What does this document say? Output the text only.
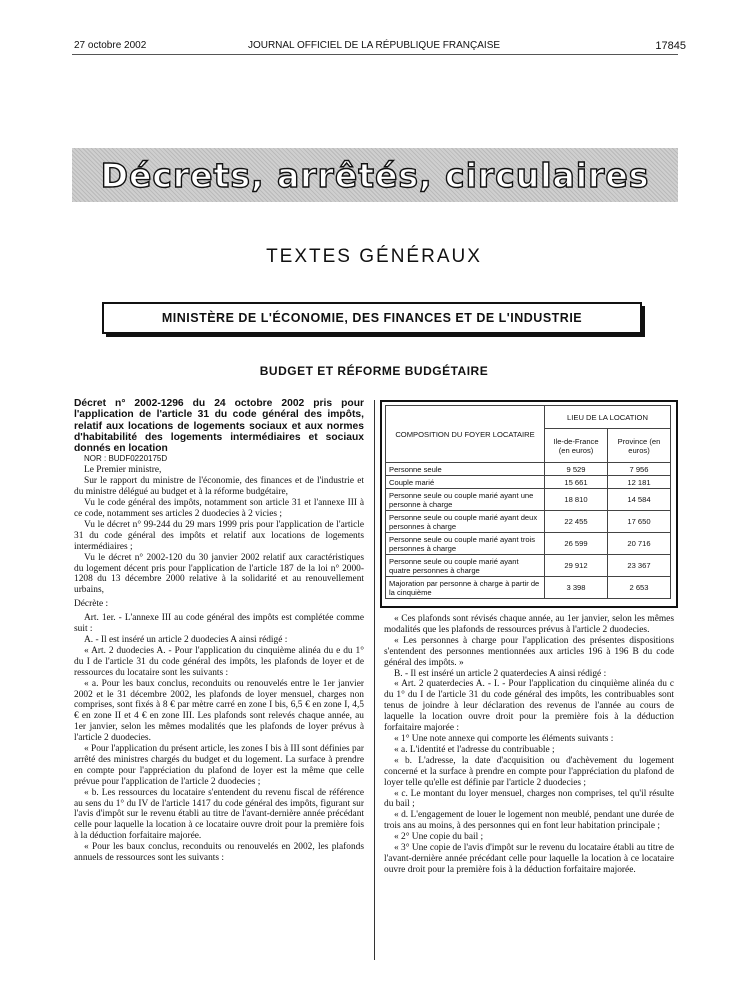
27 octobre 2002	JOURNAL OFFICIEL DE LA RÉPUBLIQUE FRANÇAISE	17845
Décrets, arrêtés, circulaires
TEXTES GÉNÉRAUX
MINISTÈRE DE L'ÉCONOMIE, DES FINANCES ET DE L'INDUSTRIE
BUDGET ET RÉFORME BUDGÉTAIRE

Décret n° 2002-1296 du 24 octobre 2002 pris pour l'application de l'article 31 du code général des impôts, relatif aux locations de logements sociaux et aux normes d'habitabilité des logements intermédiaires et sociaux donnés en location

NOR : BUDF0220175D

Le Premier ministre,

Sur le rapport du ministre de l'économie, des finances et de l'industrie et du ministre délégué au budget et à la réforme budgétaire,

Vu le code général des impôts, notamment son article 31 et l'annexe III à ce code, notamment ses articles 2 duodecies à 2 vicies ;

Vu le décret n° 99-244 du 29 mars 1999 pris pour l'application de l'article 31 du code général des impôts et relatif aux locations de logements intermédiaires ;

Vu le décret n° 2002-120 du 30 janvier 2002 relatif aux caractéristiques du logement décent pris pour l'application de l'article 187 de la loi n° 2000-1208 du 13 décembre 2000 relative à la solidarité et au renouvellement urbains,

Décrète :

Art. 1er. - L'annexe III au code général des impôts est complétée comme suit :

A. - Il est inséré un article 2 duodecies A ainsi rédigé :

« Art. 2 duodecies A. - Pour l'application du cinquième alinéa du e du 1° du I de l'article 31 du code général des impôts, les plafonds de loyer et de ressources du locataire sont les suivants :

« a. Pour les baux conclus, reconduits ou renouvelés entre le 1er janvier 2002 et le 31 décembre 2002, les plafonds de loyer mensuel, charges non comprises, sont fixés à 8 € par mètre carré en zone I bis, 6,5 € en zone I, 4,5 € en zone II et 4 € en zone III. Les plafonds sont relevés chaque année, au 1er janvier, selon les mêmes modalités que les plafonds de loyer prévus à l'article 2 duodecies.

« Pour l'application du présent article, les zones I bis à III sont définies par arrêté des ministres chargés du budget et du logement. La surface à prendre en compte pour l'appréciation du plafond de loyer est la même que celle prévue pour l'application de l'article 2 duodecies ;

« b. Les ressources du locataire s'entendent du revenu fiscal de référence au sens du 1° du IV de l'article 1417 du code général des impôts, figurant sur l'avis d'impôt sur le revenu établi au titre de l'avant-dernière année précédant celle pour laquelle la location à ce locataire ouvre droit pour la première fois à la déduction forfaitaire majorée.

« Pour les baux conclus, reconduits ou renouvelés en 2002, les plafonds annuels de ressources sont les suivants :

COMPOSITION DU FOYER LOCATAIRE	LIEU DE LA LOCATION	
	Ile-de-France (en euros)	Province (en euros)
Personne seule	9 529	7 956
Couple marié	15 661	12 181
Personne seule ou couple marié ayant une personne à charge	18 810	14 584
Personne seule ou couple marié ayant deux personnes à charge	22 455	17 650
Personne seule ou couple marié ayant trois personnes à charge	26 599	20 716
Personne seule ou couple marié ayant quatre personnes à charge	29 912	23 367
Majoration par personne à charge à partir de la cinquième	3 398	2 653

« Ces plafonds sont révisés chaque année, au 1er janvier, selon les mêmes modalités que les plafonds de ressources prévus à l'article 2 duodecies.

« Les personnes à charge pour l'application des présentes dispositions s'entendent des personnes mentionnées aux articles 196 à 196 B du code général des impôts. »

B. - Il est inséré un article 2 quaterdecies A ainsi rédigé :

« Art. 2 quaterdecies A. - I. - Pour l'application du cinquième alinéa du c du 1° du I de l'article 31 du code général des impôts, les contribuables sont tenus de joindre à leur déclaration des revenus de l'année au cours de laquelle la location ouvre droit pour la première fois à la déduction forfaitaire majorée :

« 1° Une note annexe qui comporte les éléments suivants :

« a. L'identité et l'adresse du contribuable ;

« b. L'adresse, la date d'acquisition ou d'achèvement du logement concerné et la surface à prendre en compte pour l'appréciation du plafond de loyer telle qu'elle est définie par l'article 2 duodecies ;

« c. Le montant du loyer mensuel, charges non comprises, tel qu'il résulte du bail ;

« d. L'engagement de louer le logement non meublé, pendant une durée de trois ans au moins, à des personnes qui en font leur habitation principale ;

« 2° Une copie du bail ;

« 3° Une copie de l'avis d'impôt sur le revenu du locataire établi au titre de l'avant-dernière année précédant celle pour laquelle la location à ce locataire ouvre droit pour la première fois à la déduction forfaitaire majorée.
